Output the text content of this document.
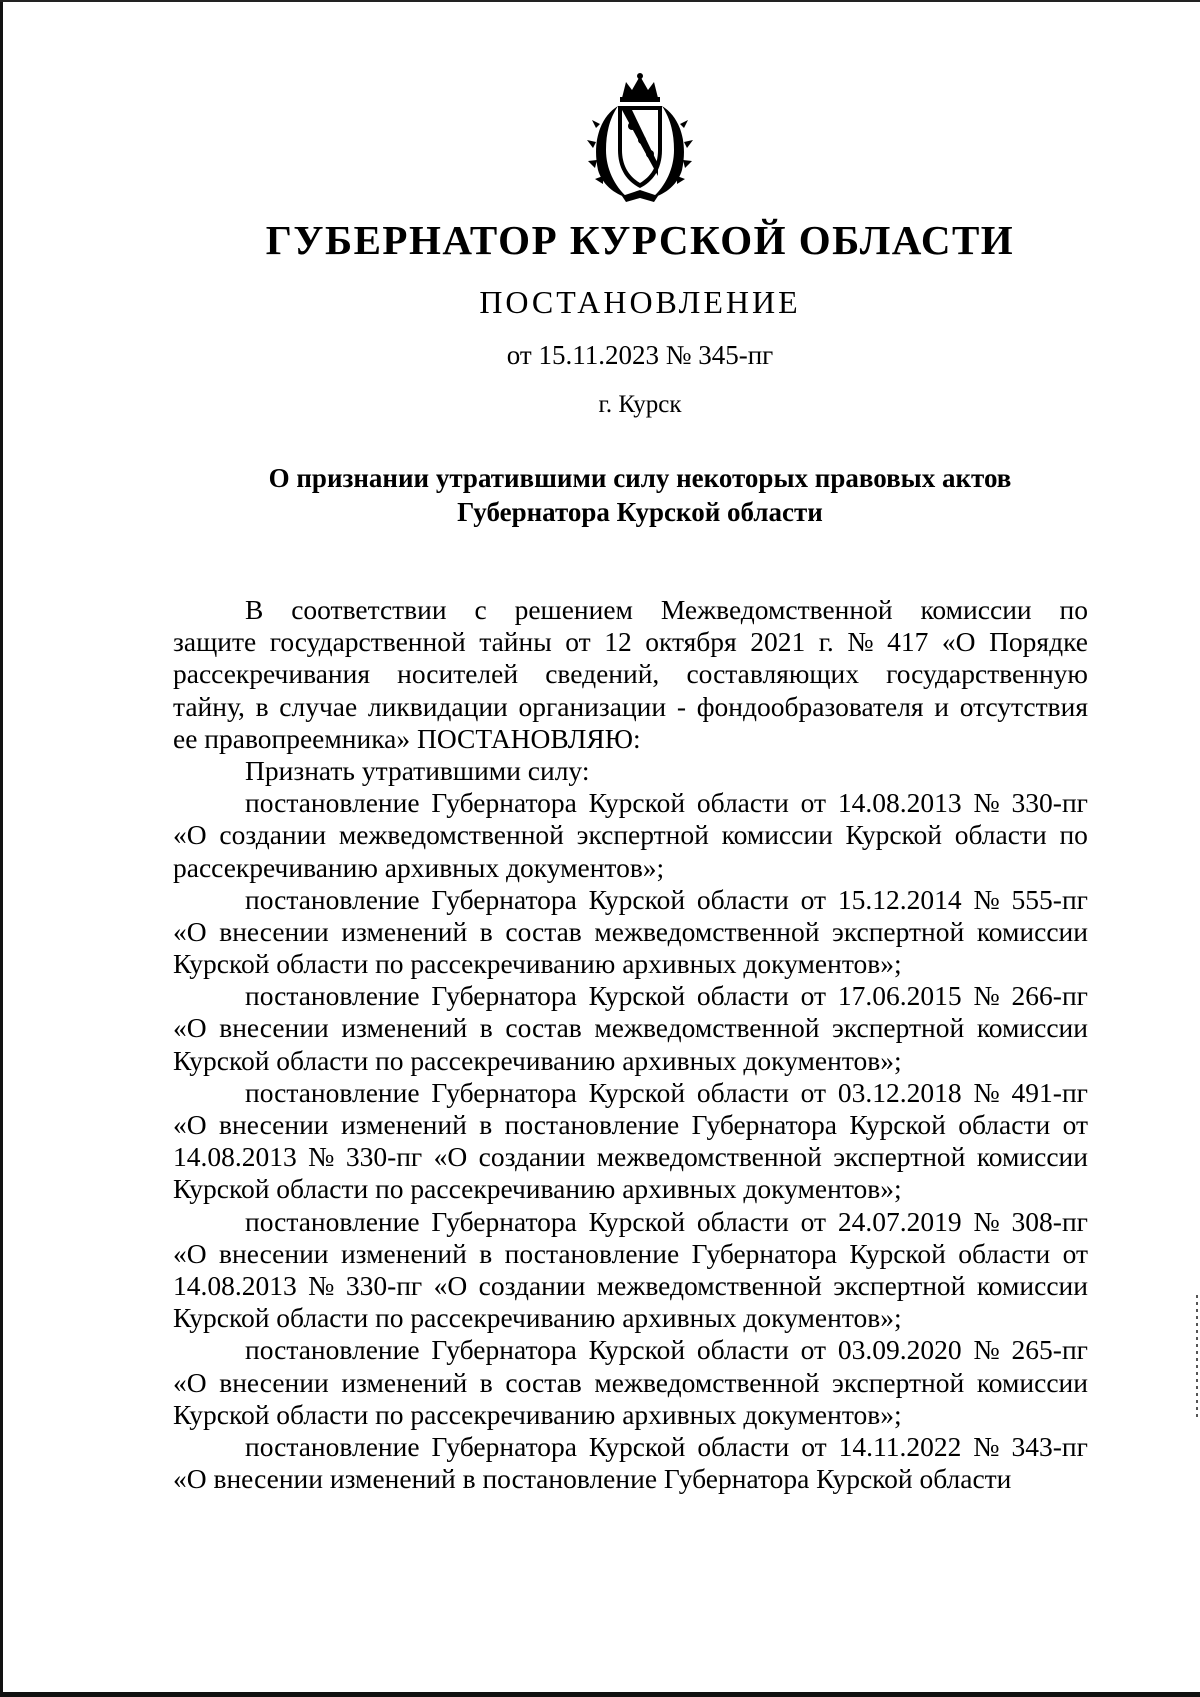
ГУБЕРНАТОР КУРСКОЙ ОБЛАСТИ
ПОСТАНОВЛЕНИЕ
от 15.11.2023 № 345-пг
г. Курск
О признании утратившими силу некоторых правовых актов
Губернатора Курской области
В соответствии с решением Межведомственной комиссии по
защите государственной тайны от 12 октября 2021 г. № 417 «О Порядке
рассекречивания носителей сведений, составляющих государственную
тайну, в случае ликвидации организации - фондообразователя и отсутствия
ее правопреемника» ПОСТАНОВЛЯЮ:
Признать утратившими силу:
постановление Губернатора Курской области от 14.08.2013 № 330-пг
«О создании межведомственной экспертной комиссии Курской области по
рассекречиванию архивных документов»;
постановление Губернатора Курской области от 15.12.2014 № 555-пг
«О внесении изменений в состав межведомственной экспертной комиссии
Курской области по рассекречиванию архивных документов»;
постановление Губернатора Курской области от 17.06.2015 № 266-пг
«О внесении изменений в состав межведомственной экспертной комиссии
Курской области по рассекречиванию архивных документов»;
постановление Губернатора Курской области от 03.12.2018 № 491-пг
«О внесении изменений в постановление Губернатора Курской области от
14.08.2013 № 330-пг «О создании межведомственной экспертной комиссии
Курской области по рассекречиванию архивных документов»;
постановление Губернатора Курской области от 24.07.2019 № 308-пг
«О внесении изменений в постановление Губернатора Курской области от
14.08.2013 № 330-пг «О создании межведомственной экспертной комиссии
Курской области по рассекречиванию архивных документов»;
постановление Губернатора Курской области от 03.09.2020 № 265-пг
«О внесении изменений в состав межведомственной экспертной комиссии
Курской области по рассекречиванию архивных документов»;
постановление Губернатора Курской области от 14.11.2022 № 343-пг
«О внесении изменений в постановление Губернатора Курской области
